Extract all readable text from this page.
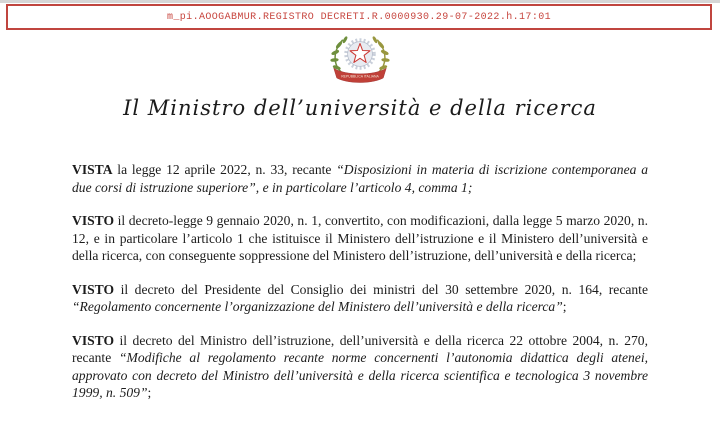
m_pi.AOOGABMUR.REGISTRO DECRETI.R.0000930.29-07-2022.h.17:01
REPUBBLICA ITALIANA
Il Ministro dell’università e della ricerca

VISTA la legge 12 aprile 2022, n. 33, recante “Disposizioni in materia di iscrizione contemporanea a due corsi di istruzione superiore”, e in particolare l’articolo 4, comma 1;

VISTO il decreto-legge 9 gennaio 2020, n. 1, convertito, con modificazioni, dalla legge 5 marzo 2020, n. 12, e in particolare l’articolo 1 che istituisce il Ministero dell’istruzione e il Ministero dell’università e della ricerca, con conseguente soppressione del Ministero dell’istruzione, dell’università e della ricerca;

VISTO il decreto del Presidente del Consiglio dei ministri del 30 settembre 2020, n. 164, recante “Regolamento concernente l’organizzazione del Ministero dell’università e della ricerca”;

VISTO il decreto del Ministro dell’istruzione, dell’università e della ricerca 22 ottobre 2004, n. 270, recante “Modifiche al regolamento recante norme concernenti l’autonomia didattica degli atenei, approvato con decreto del Ministro dell’università e della ricerca scientifica e tecnologica 3 novembre 1999, n. 509”;
